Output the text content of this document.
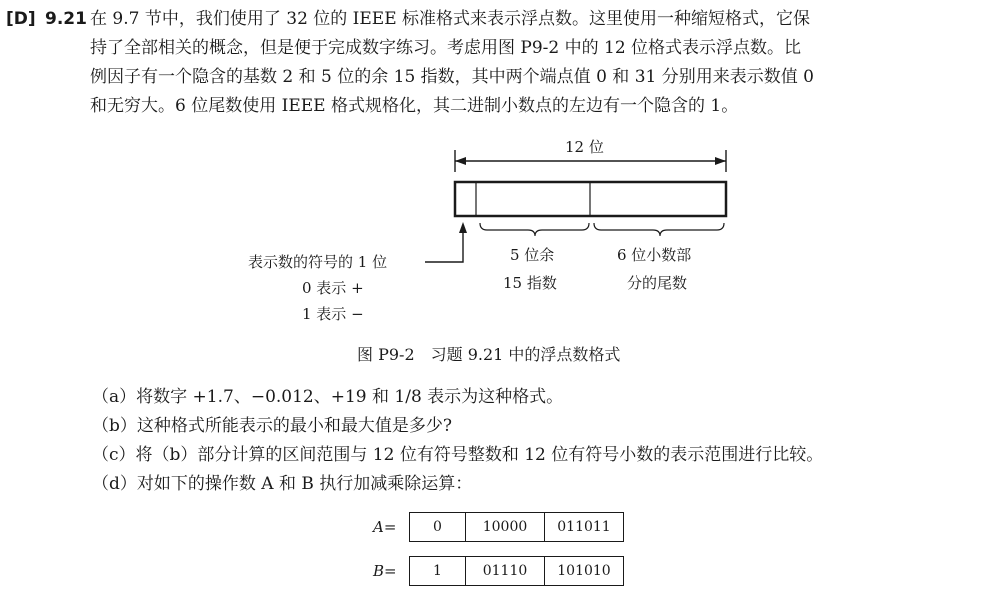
[D] 9.21 在 9.7 节中，我们使用了 32 位的 IEEE 标准格式来表示浮点数。这里使用一种缩短格式，它保
持了全部相关的概念，但是便于完成数字练习。考虑用图 P9-2 中的 12 位格式表示浮点数。比
例因子有一个隐含的基数 2 和 5 位的余 15 指数，其中两个端点值 0 和 31 分别用来表示数值 0
和无穷大。6 位尾数使用 IEEE 格式规格化，其二进制小数点的左边有一个隐含的 1。
12 位
表示数的符号的 1 位
0 表示 +
1 表示 −
5 位余
15 指数
6 位小数部
分的尾数
图 P9-2　习题 9.21 中的浮点数格式
（a）将数字 +1.7、−0.012、+19 和 1/8 表示为这种格式。
（b）这种格式所能表示的最小和最大值是多少?
（c）将（b）部分计算的区间范围与 12 位有符号整数和 12 位有符号小数的表示范围进行比较。
（d）对如下的操作数 A 和 B 执行加减乘除运算：
A=	0	10000	011011
B=	1	01110	101010
